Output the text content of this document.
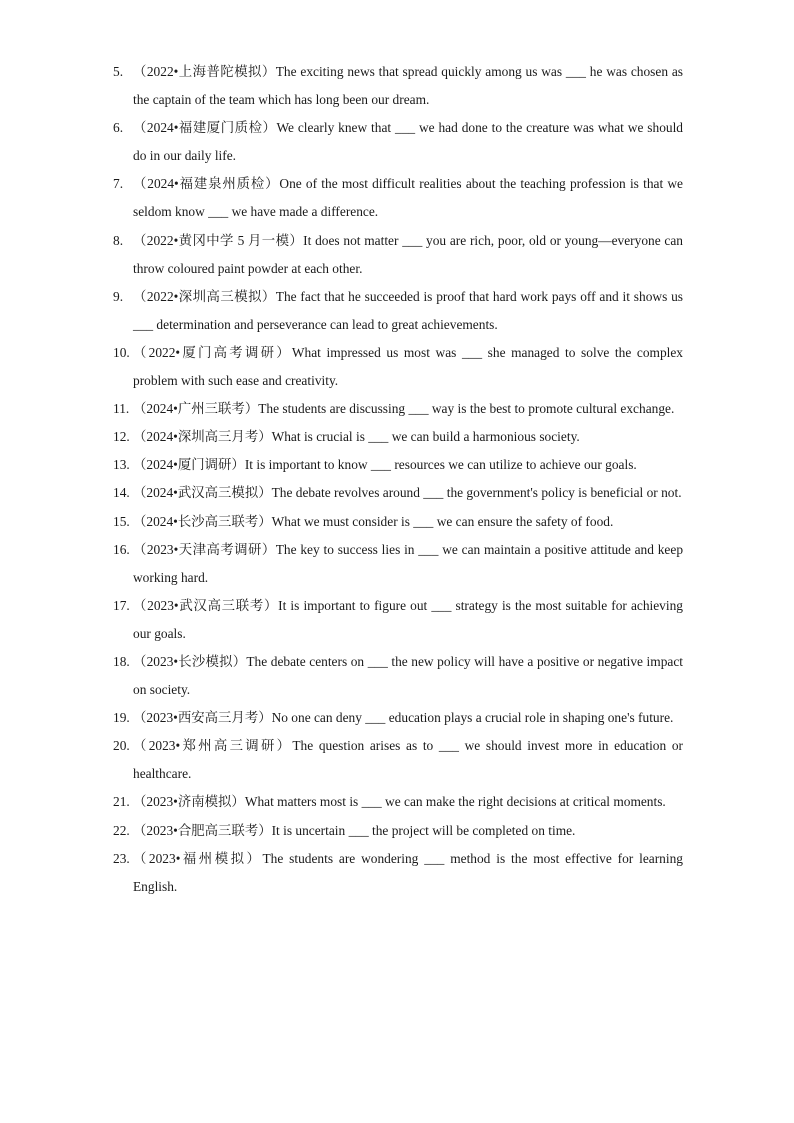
5. （2022•上海普陀模拟）The exciting news that spread quickly among us was ___ he was chosen as the captain of the team which has long been our dream.
6. （2024•福建厦门质检）We clearly knew that ___ we had done to the creature was what we should do in our daily life.
7. （2024•福建泉州质检）One of the most difficult realities about the teaching profession is that we seldom know ___ we have made a difference.
8. （2022•黄冈中学 5 月一模）It does not matter ___ you are rich, poor, old or young—everyone can throw coloured paint powder at each other.
9. （2022•深圳高三模拟）The fact that he succeeded is proof that hard work pays off and it shows us ___ determination and perseverance can lead to great achievements.
10. （2022•厦门高考调研）What impressed us most was ___ she managed to solve the complex problem with such ease and creativity.
11. （2024•广州三联考）The students are discussing ___ way is the best to promote cultural exchange.
12. （2024•深圳高三月考）What is crucial is ___ we can build a harmonious society.
13. （2024•厦门调研）It is important to know ___ resources we can utilize to achieve our goals.
14. （2024•武汉高三模拟）The debate revolves around ___ the government's policy is beneficial or not.
15. （2024•长沙高三联考）What we must consider is ___ we can ensure the safety of food.
16. （2023•天津高考调研）The key to success lies in ___ we can maintain a positive attitude and keep working hard.
17. （2023•武汉高三联考）It is important to figure out ___ strategy is the most suitable for achieving our goals.
18. （2023•长沙模拟）The debate centers on ___ the new policy will have a positive or negative impact on society.
19. （2023•西安高三月考）No one can deny ___ education plays a crucial role in shaping one's future.
20. （2023•郑州高三调研）The question arises as to ___ we should invest more in education or healthcare.
21. （2023•济南模拟）What matters most is ___ we can make the right decisions at critical moments.
22. （2023•合肥高三联考）It is uncertain ___ the project will be completed on time.
23. （2023•福州模拟）The students are wondering ___ method is the most effective for learning English.
